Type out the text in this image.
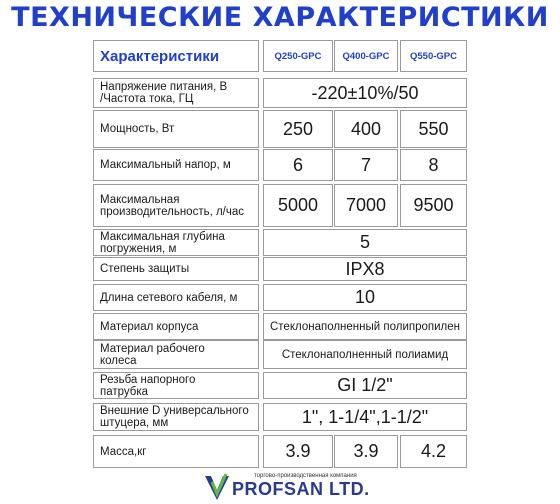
ТЕХНИЧЕСКИЕ ХАРАКТЕРИСТИКИ
Характеристики	Q250-GPC	Q400-GPC	Q550-GPC
Напряжение питания, В
/Частота тока, ГЦ	-220±10%/50
Мощность, Вт	250	400	550
Максимальный напор, м	6	7	8
Максимальная
производительность, л/час	5000	7000	9500
Максимальная глубина
погружения, м	5
Степень защиты	IPX8
Длина сетевого кабеля, м	10
Материал корпуса	Стеклонаполненный полипропилен
Материал рабочего
колеса	Стеклонаполненный полиамид
Резьба напорного
патрубка	GI 1/2"
Внешние D универсального
штуцера, мм	1", 1-1/4",1-1/2"
Масса,кг	3.9	3.9	4.2
торгово-производственная компания
PROFSAN LTD.
